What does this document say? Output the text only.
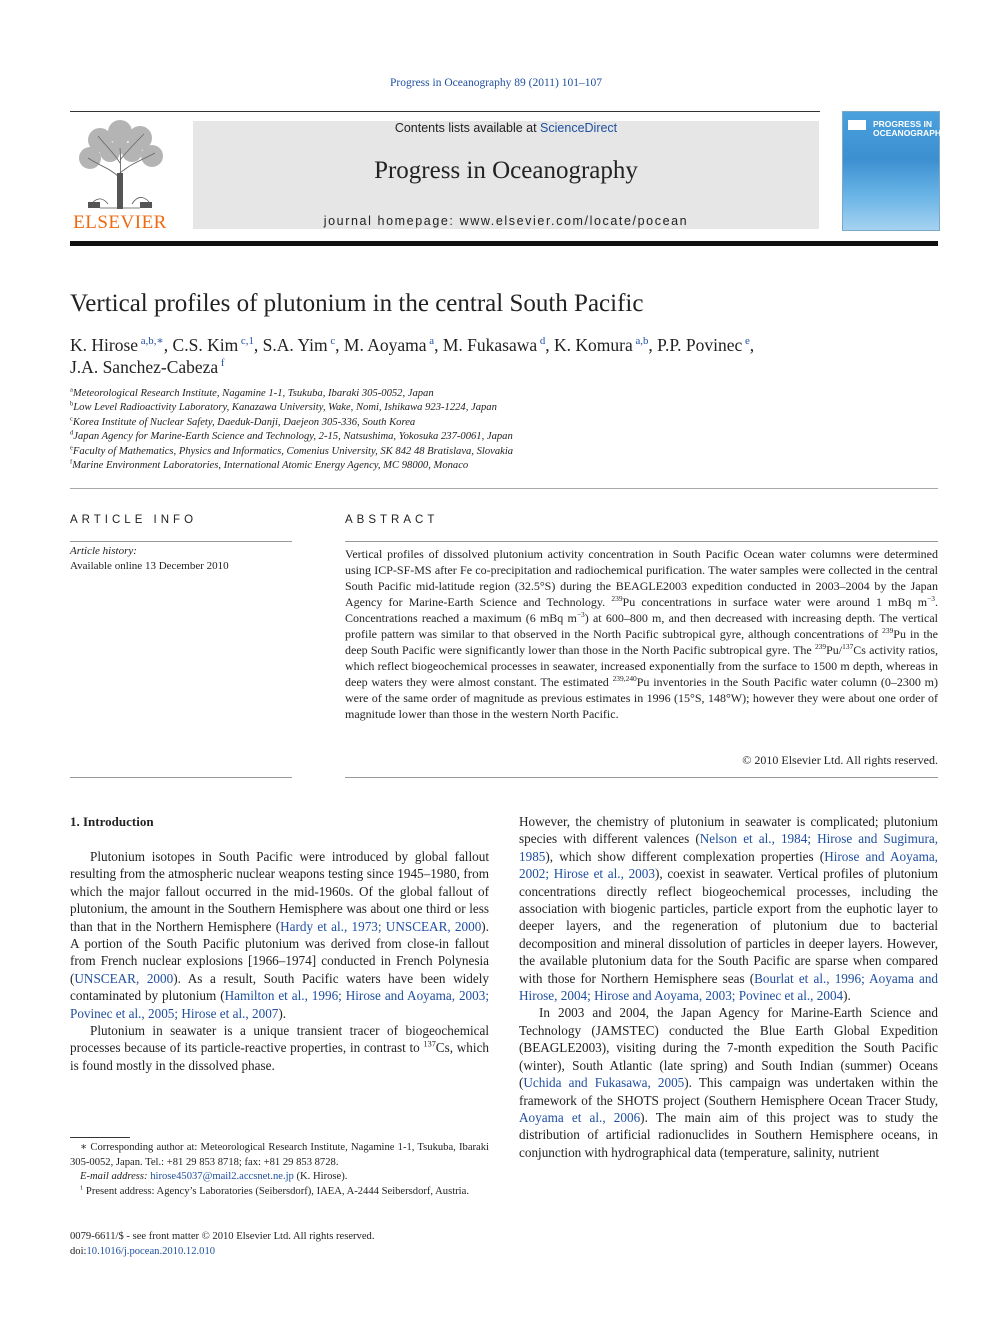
Progress in Oceanography 89 (2011) 101–107
ELSEVIER
Contents lists available at ScienceDirect
Progress in Oceanography
journal homepage: www.elsevier.com/locate/pocean
PROGRESS IN
OCEANOGRAPHY
Vertical profiles of plutonium in the central South Pacific
K. Hirose $^{a,b,∗}$, C.S. Kim $^{c,1}$, S.A. Yim $^c$, M. Aoyama $^a$, M. Fukasawa $^d$, K. Komura $^{a,b}$, P.P. Povinec $^e$,
J.A. Sanchez-Cabeza $^f$
$^a$Meteorological Research Institute, Nagamine 1-1, Tsukuba, Ibaraki 305-0052, Japan
$^b$Low Level Radioactivity Laboratory, Kanazawa University, Wake, Nomi, Ishikawa 923-1224, Japan
$^c$Korea Institute of Nuclear Safety, Daeduk-Danji, Daejeon 305-336, South Korea
$^d$Japan Agency for Marine-Earth Science and Technology, 2-15, Natsushima, Yokosuka 237-0061, Japan
$^e$Faculty of Mathematics, Physics and Informatics, Comenius University, SK 842 48 Bratislava, Slovakia
$^f$Marine Environment Laboratories, International Atomic Energy Agency, MC 98000, Monaco
ARTICLE INFO
Article history:
Available online 13 December 2010
ABSTRACT
Vertical profiles of dissolved plutonium activity concentration in South Pacific Ocean water columns were determined using ICP-SF-MS after Fe co-precipitation and radiochemical purification. The water samples were collected in the central South Pacific mid-latitude region (32.5°S) during the BEAGLE2003 expedition conducted in 2003–2004 by the Japan Agency for Marine-Earth Science and Technology. $^{239}$Pu concentrations in surface water were around 1 mBq $m^{-3}$. Concentrations reached a maximum (6 mBq $m^{-3}$) at 600–800 m, and then decreased with increasing depth. The vertical profile pattern was similar to that observed in the North Pacific subtropical gyre, although concentrations of $^{239}$Pu in the deep South Pacific were significantly lower than those in the North Pacific subtropical gyre. The $^{239}$Pu/$^{137}$Cs activity ratios, which reflect biogeochemical processes in seawater, increased exponentially from the surface to 1500 m depth, whereas in deep waters they were almost constant. The estimated $^{239,240}$Pu inventories in the South Pacific water column (0–2300 m) were of the same order of magnitude as previous estimates in 1996 (15°S, 148°W); however they were about one order of magnitude lower than those in the western North Pacific.
© 2010 Elsevier Ltd. All rights reserved.
1. Introduction

Plutonium isotopes in South Pacific were introduced by global fallout resulting from the atmospheric nuclear weapons testing since 1945–1980, from which the major fallout occurred in the mid-1960s. Of the global fallout of plutonium, the amount in the Southern Hemisphere was about one third or less than that in the Northern Hemisphere (Hardy et al., 1973; UNSCEAR, 2000). A portion of the South Pacific plutonium was derived from close-in fallout from French nuclear explosions [1966–1974] conducted in French Polynesia (UNSCEAR, 2000). As a result, South Pacific waters have been widely contaminated by plutonium (Hamilton et al., 1996; Hirose and Aoyama, 2003; Povinec et al., 2005; Hirose et al., 2007).

Plutonium in seawater is a unique transient tracer of biogeochemical processes because of its particle-reactive properties, in contrast to $^{137}$Cs, which is found mostly in the dissolved phase.

However, the chemistry of plutonium in seawater is complicated; plutonium species with different valences (Nelson et al., 1984; Hirose and Sugimura, 1985), which show different complexation properties (Hirose and Aoyama, 2002; Hirose et al., 2003), coexist in seawater. Vertical profiles of plutonium concentrations directly reflect biogeochemical processes, including the association with biogenic particles, particle export from the euphotic layer to deeper layers, and the regeneration of plutonium due to bacterial decomposition and mineral dissolution of particles in deeper layers. However, the available plutonium data for the South Pacific are sparse when compared with those for Northern Hemisphere seas (Bourlat et al., 1996; Aoyama and Hirose, 2004; Hirose and Aoyama, 2003; Povinec et al., 2004).

In 2003 and 2004, the Japan Agency for Marine-Earth Science and Technology (JAMSTEC) conducted the Blue Earth Global Expedition (BEAGLE2003), visiting during the 7-month expedition the South Pacific (winter), South Atlantic (late spring) and South Indian (summer) Oceans (Uchida and Fukasawa, 2005). This campaign was undertaken within the framework of the SHOTS project (Southern Hemisphere Ocean Tracer Study, Aoyama et al., 2006). The main aim of this project was to study the distribution of artificial radionuclides in Southern Hemisphere oceans, in conjunction with hydrographical data (temperature, salinity, nutrient

∗ Corresponding author at: Meteorological Research Institute, Nagamine 1-1, Tsukuba, Ibaraki 305-0052, Japan. Tel.: +81 29 853 8718; fax: +81 29 853 8728.
E-mail address: hirose45037@mail2.accsnet.ne.jp (K. Hirose).
$^1$ Present address: Agency’s Laboratories (Seibersdorf), IAEA, A-2444 Seibersdorf, Austria.
0079-6611/$ - see front matter © 2010 Elsevier Ltd. All rights reserved.
doi:10.1016/j.pocean.2010.12.010
